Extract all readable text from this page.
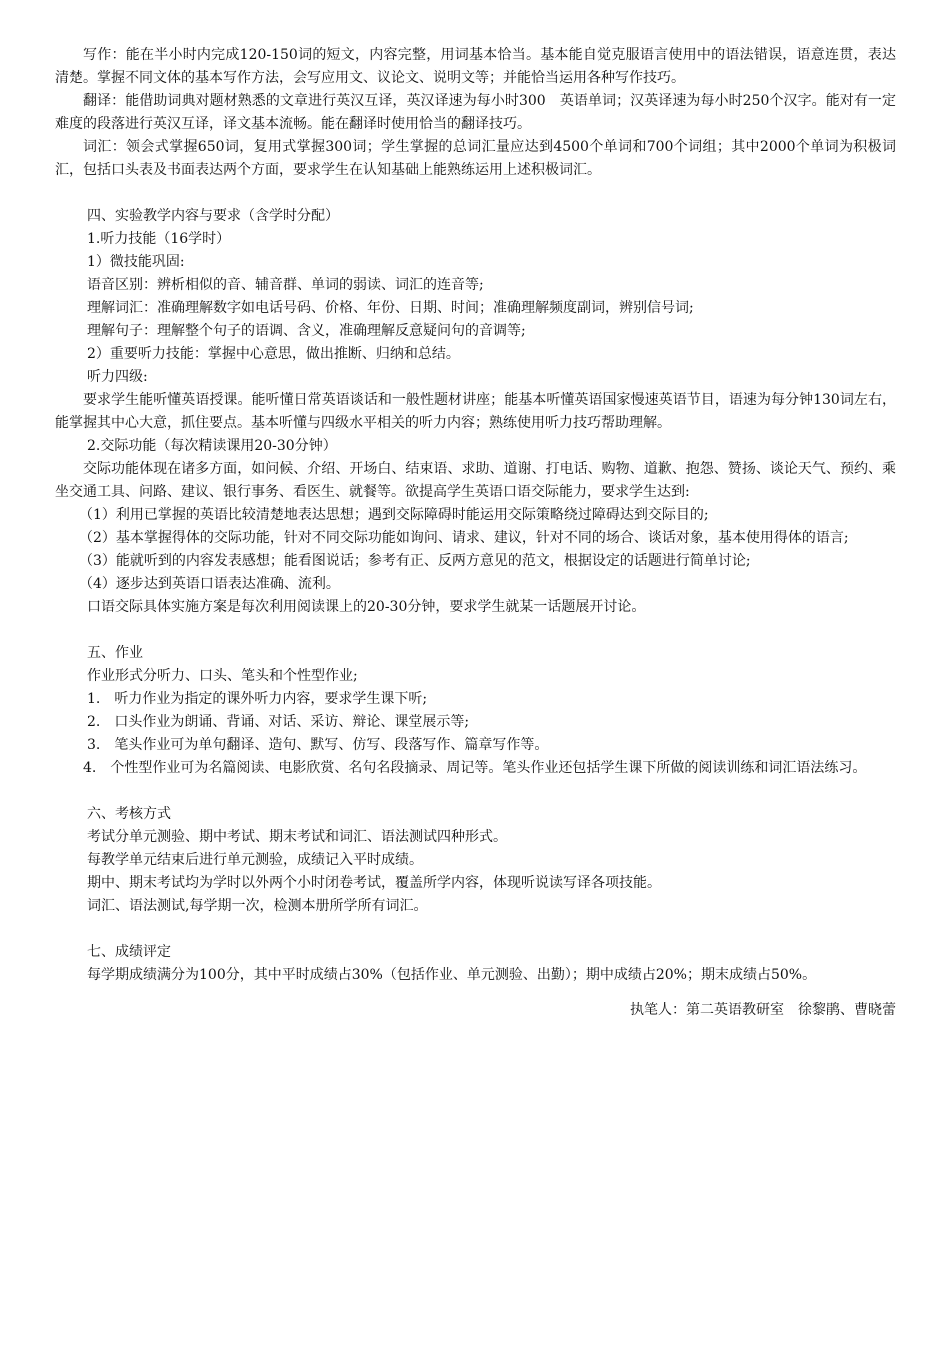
写作：能在半小时内完成120-150词的短文，内容完整，用词基本恰当。基本能自觉克服语言使用中的语法错误，语意连贯，表达清楚。掌握不同文体的基本写作方法，会写应用文、议论文、说明文等；并能恰当运用各种写作技巧。

翻译：能借助词典对题材熟悉的文章进行英汉互译，英汉译速为每小时300　英语单词；汉英译速为每小时250个汉字。能对有一定难度的段落进行英汉互译，译文基本流畅。能在翻译时使用恰当的翻译技巧。

词汇：领会式掌握650词，复用式掌握300词；学生掌握的总词汇量应达到4500个单词和700个词组；其中2000个单词为积极词汇，包括口头表及书面表达两个方面，要求学生在认知基础上能熟练运用上述积极词汇。

四、实验教学内容与要求（含学时分配）

1.听力技能（16学时）

1）微技能巩固:

语音区别：辨析相似的音、辅音群、单词的弱读、词汇的连音等;

理解词汇：准确理解数字如电话号码、价格、年份、日期、时间；准确理解频度副词，辨别信号词;

理解句子：理解整个句子的语调、含义，准确理解反意疑问句的音调等;

2）重要听力技能：掌握中心意思，做出推断、归纳和总结。

听力四级:

要求学生能听懂英语授课。能听懂日常英语谈话和一般性题材讲座；能基本听懂英语国家慢速英语节目，语速为每分钟130词左右，能掌握其中心大意，抓住要点。基本听懂与四级水平相关的听力内容；熟练使用听力技巧帮助理解。

2.交际功能（每次精读课用20-30分钟）

交际功能体现在诸多方面，如问候、介绍、开场白、结束语、求助、道谢、打电话、购物、道歉、抱怨、赞扬、谈论天气、预约、乘坐交通工具、问路、建议、银行事务、看医生、就餐等。欲提高学生英语口语交际能力，要求学生达到:

（1）利用已掌握的英语比较清楚地表达思想；遇到交际障碍时能运用交际策略绕过障碍达到交际目的;

（2）基本掌握得体的交际功能，针对不同交际功能如询问、请求、建议，针对不同的场合、谈话对象，基本使用得体的语言;

（3）能就听到的内容发表感想；能看图说话；参考有正、反两方意见的范文，根据设定的话题进行简单讨论;

（4）逐步达到英语口语表达准确、流利。

口语交际具体实施方案是每次利用阅读课上的20-30分钟，要求学生就某一话题展开讨论。

五、作业

作业形式分听力、口头、笔头和个性型作业;

1.　听力作业为指定的课外听力内容，要求学生课下听;

2.　口头作业为朗诵、背诵、对话、采访、辩论、课堂展示等;

3.　笔头作业可为单句翻译、造句、默写、仿写、段落写作、篇章写作等。

4.　个性型作业可为名篇阅读、电影欣赏、名句名段摘录、周记等。笔头作业还包括学生课下所做的阅读训练和词汇语法练习。

六、考核方式

考试分单元测验、期中考试、期末考试和词汇、语法测试四种形式。

每教学单元结束后进行单元测验，成绩记入平时成绩。

期中、期末考试均为学时以外两个小时闭卷考试，覆盖所学内容，体现听说读写译各项技能。

词汇、语法测试,每学期一次，检测本册所学所有词汇。

七、成绩评定

每学期成绩满分为100分，其中平时成绩占30%（包括作业、单元测验、出勤）；期中成绩占20%；期末成绩占50%。

执笔人：第二英语教研室　徐黎鹃、曹晓蕾
